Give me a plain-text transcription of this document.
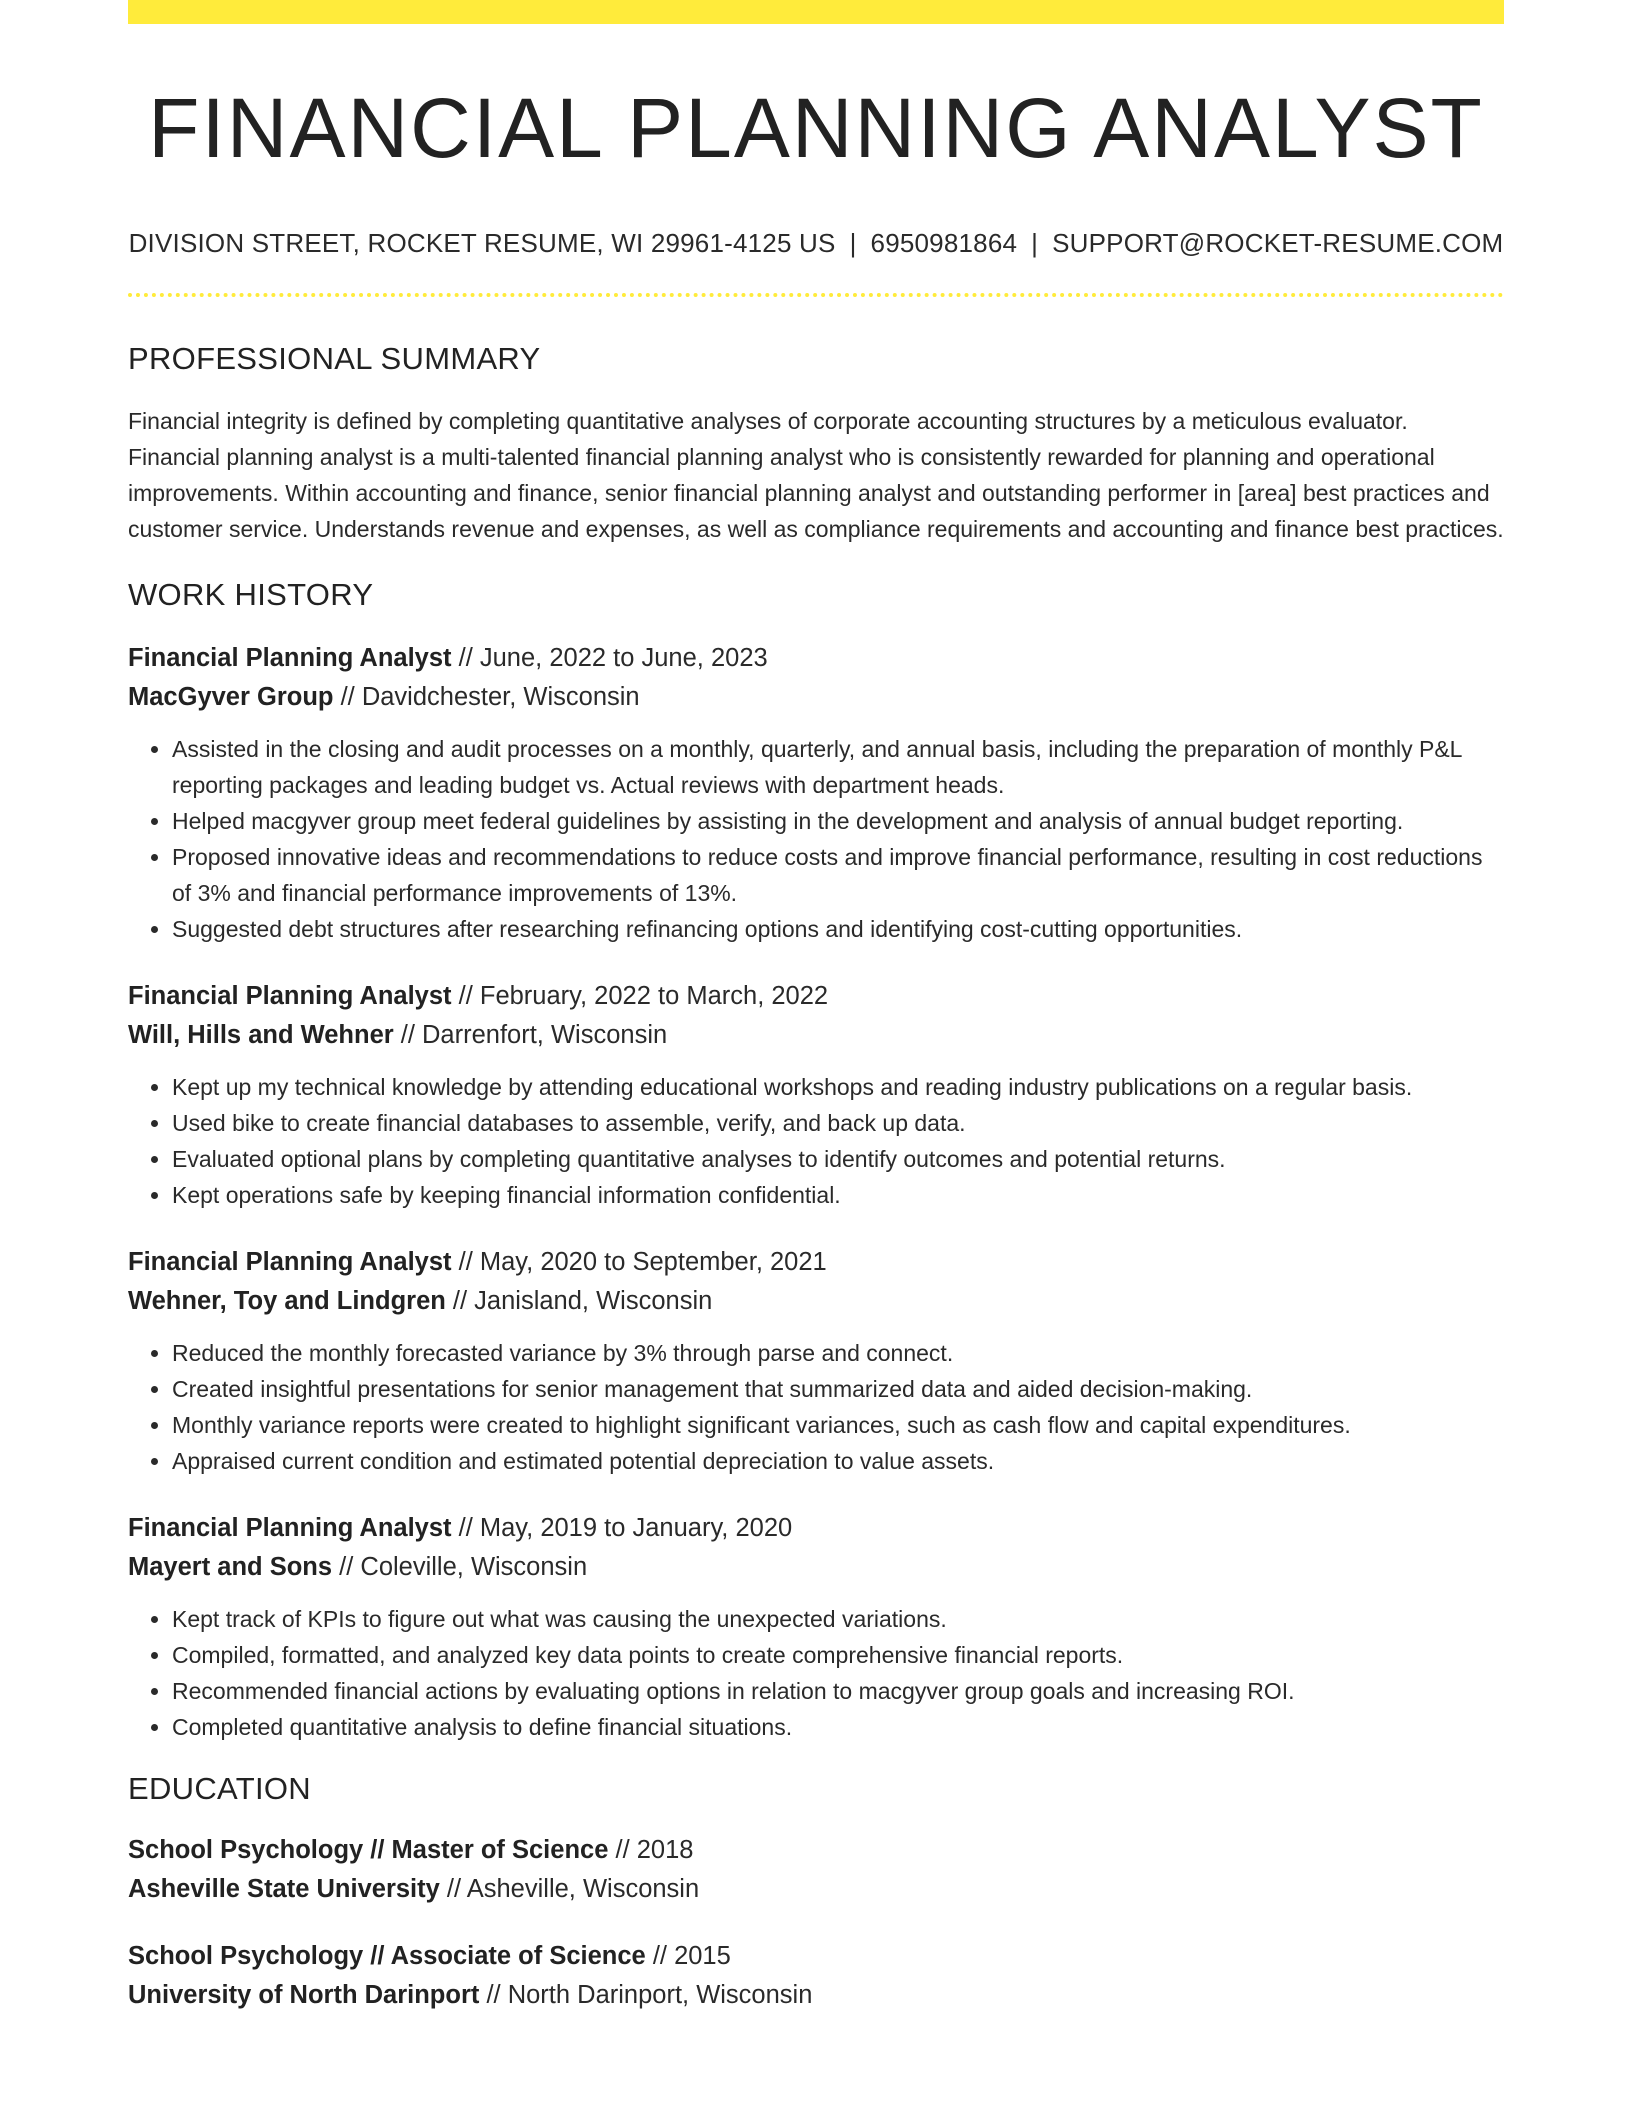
FINANCIAL PLANNING ANALYST
DIVISION STREET, ROCKET RESUME, WI 29961-4125 US | 6950981864 | SUPPORT@ROCKET-RESUME.COM
PROFESSIONAL SUMMARY

Financial integrity is defined by completing quantitative analyses of corporate accounting structures by a meticulous evaluator. Financial planning analyst is a multi-talented financial planning analyst who is consistently rewarded for planning and operational improvements. Within accounting and finance, senior financial planning analyst and outstanding performer in [area] best practices and customer service. Understands revenue and expenses, as well as compliance requirements and accounting and finance best practices.

WORK HISTORY
Financial Planning Analyst // June, 2022 to June, 2023
MacGyver Group // Davidchester, Wisconsin
• Assisted in the closing and audit processes on a monthly, quarterly, and annual basis, including the preparation of monthly P&L reporting packages and leading budget vs. Actual reviews with department heads.
• Helped macgyver group meet federal guidelines by assisting in the development and analysis of annual budget reporting.
• Proposed innovative ideas and recommendations to reduce costs and improve financial performance, resulting in cost reductions of 3% and financial performance improvements of 13%.
• Suggested debt structures after researching refinancing options and identifying cost-cutting opportunities.
Financial Planning Analyst // February, 2022 to March, 2022
Will, Hills and Wehner // Darrenfort, Wisconsin
• Kept up my technical knowledge by attending educational workshops and reading industry publications on a regular basis.
• Used bike to create financial databases to assemble, verify, and back up data.
• Evaluated optional plans by completing quantitative analyses to identify outcomes and potential returns.
• Kept operations safe by keeping financial information confidential.
Financial Planning Analyst // May, 2020 to September, 2021
Wehner, Toy and Lindgren // Janisland, Wisconsin
• Reduced the monthly forecasted variance by 3% through parse and connect.
• Created insightful presentations for senior management that summarized data and aided decision-making.
• Monthly variance reports were created to highlight significant variances, such as cash flow and capital expenditures.
• Appraised current condition and estimated potential depreciation to value assets.
Financial Planning Analyst // May, 2019 to January, 2020
Mayert and Sons // Coleville, Wisconsin
• Kept track of KPIs to figure out what was causing the unexpected variations.
• Compiled, formatted, and analyzed key data points to create comprehensive financial reports.
• Recommended financial actions by evaluating options in relation to macgyver group goals and increasing ROI.
• Completed quantitative analysis to define financial situations.
EDUCATION
School Psychology // Master of Science // 2018
Asheville State University // Asheville, Wisconsin
School Psychology // Associate of Science // 2015
University of North Darinport // North Darinport, Wisconsin
